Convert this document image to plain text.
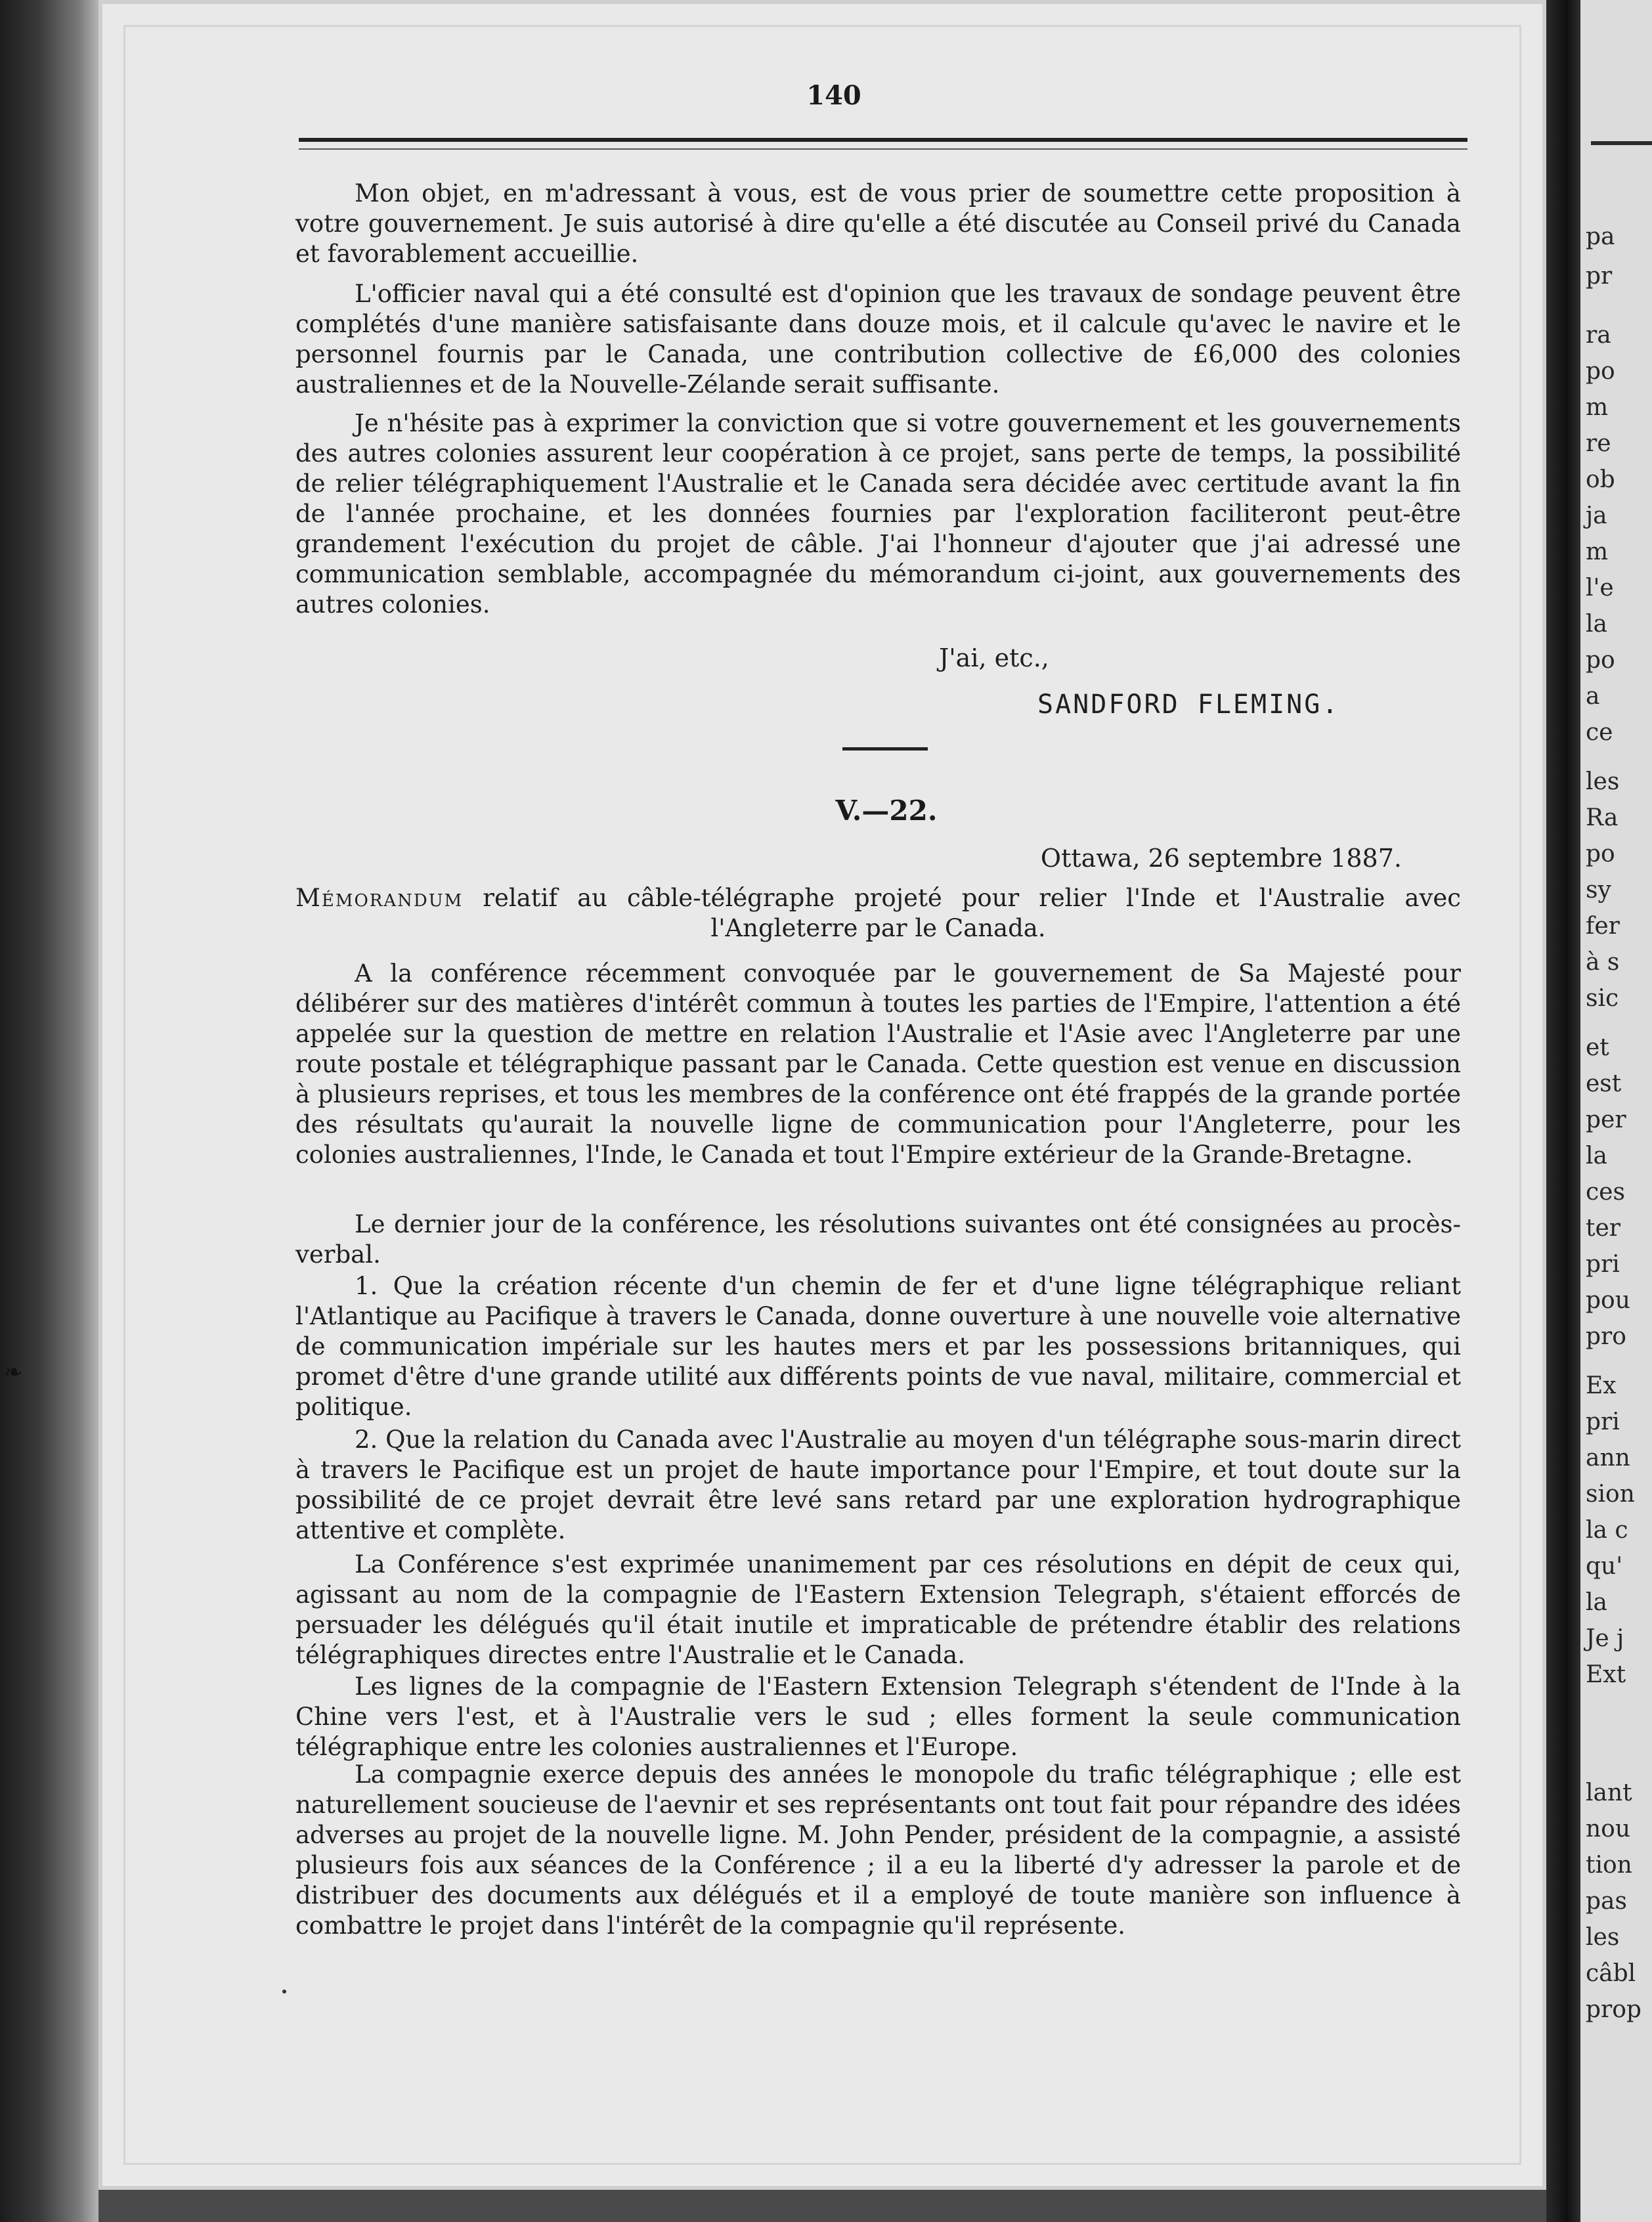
❧
pa
pr
ra
po
m
re
ob
ja
m
l'e
la
po
a
ce
les
Ra
po
sy
fer
à s
sic
et
est
per
la
ces
ter
pri
pou
pro
Ex
pri
ann
sion
la c
qu'
la
Je j
Ext
lant
nou
tion
pas
les
câbl
prop
140

Mon objet, en m'adressant à vous, est de vous prier de soumettre cette proposition à votre gouvernement. Je suis autorisé à dire qu'elle a été discutée au Conseil privé du Canada et favorablement accueillie.

L'officier naval qui a été consulté est d'opinion que les travaux de sondage peuvent être complétés d'une manière satisfaisante dans douze mois, et il calcule qu'avec le navire et le personnel fournis par le Canada, une contribution collective de £6,000 des colonies australiennes et de la Nouvelle-Zélande serait suffisante.

Je n'hésite pas à exprimer la conviction que si votre gouvernement et les gouvernements des autres colonies assurent leur coopération à ce projet, sans perte de temps, la possibilité de relier télégraphiquement l'Australie et le Canada sera décidée avec certitude avant la fin de l'année prochaine, et les données fournies par l'exploration faciliteront peut-être grandement l'exécution du projet de câble. J'ai l'honneur d'ajouter que j'ai adressé une communication semblable, accompagnée du mémorandum ci-joint, aux gouvernements des autres colonies.

J'ai, etc.,
SANDFORD FLEMING.
V.—22.
Ottawa, 26 septembre 1887.

Mémorandum relatif au câble-télégraphe projeté pour relier l'Inde et l'Australie avec
l'Angleterre par le Canada.

A la conférence récemment convoquée par le gouvernement de Sa Majesté pour délibérer sur des matières d'intérêt commun à toutes les parties de l'Empire, l'attention a été appelée sur la question de mettre en relation l'Australie et l'Asie avec l'Angleterre par une route postale et télégraphique passant par le Canada. Cette question est venue en discussion à plusieurs reprises, et tous les membres de la conférence ont été frappés de la grande portée des résultats qu'aurait la nouvelle ligne de communication pour l'Angleterre, pour les colonies australiennes, l'Inde, le Canada et tout l'Empire extérieur de la Grande-Bretagne.

Le dernier jour de la conférence, les résolutions suivantes ont été consignées au procès-verbal.

1. Que la création récente d'un chemin de fer et d'une ligne télégraphique reliant l'Atlantique au Pacifique à travers le Canada, donne ouverture à une nouvelle voie alternative de communication impériale sur les hautes mers et par les possessions britanniques, qui promet d'être d'une grande utilité aux différents points de vue naval, militaire, commercial et politique.

2. Que la relation du Canada avec l'Australie au moyen d'un télégraphe sous-marin direct à travers le Pacifique est un projet de haute importance pour l'Empire, et tout doute sur la possibilité de ce projet devrait être levé sans retard par une exploration hydrographique attentive et complète.

La Conférence s'est exprimée unanimement par ces résolutions en dépit de ceux qui, agissant au nom de la compagnie de l'Eastern Extension Telegraph, s'étaient efforcés de persuader les délégués qu'il était inutile et impraticable de prétendre établir des relations télégraphiques directes entre l'Australie et le Canada.

Les lignes de la compagnie de l'Eastern Extension Telegraph s'étendent de l'Inde à la Chine vers l'est, et à l'Australie vers le sud ; elles forment la seule communication télégraphique entre les colonies australiennes et l'Europe.

La compagnie exerce depuis des années le monopole du trafic télégraphique ; elle est naturellement soucieuse de l'aevnir et ses représentants ont tout fait pour répandre des idées adverses au projet de la nouvelle ligne. M. John Pender, président de la compagnie, a assisté plusieurs fois aux séances de la Conférence ; il a eu la liberté d'y adresser la parole et de distribuer des documents aux délégués et il a employé de toute manière son influence à combattre le projet dans l'intérêt de la compagnie qu'il représente.
